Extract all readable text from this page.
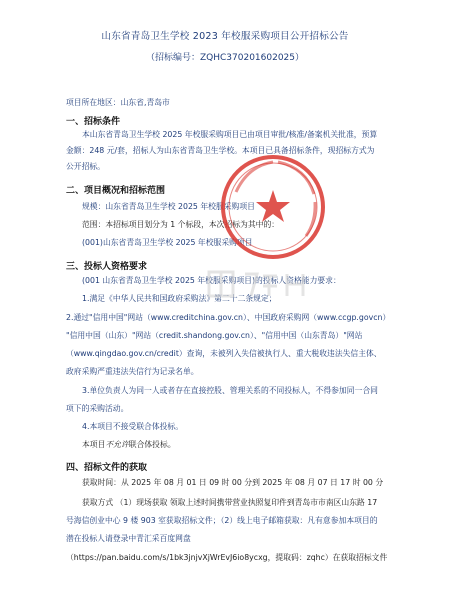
山东省青岛卫生学校 2023 年校服采购项目公开招标公告
（招标编号：ZQHC370201602025）
项目所在地区：山东省,青岛市
一、招标条件
本山东省青岛卫生学校 2025 年校服采购项目已由项目审批/核准/备案机关批准，预算
金额：248 元/套，招标人为山东省青岛卫生学校。本项目已具备招标条件，现招标方式为
公开招标。
二、项目概况和招标范围
规模：山东省青岛卫生学校 2025 年校服采购项目
范围：本招标项目划分为 1 个标段，本次招标为其中的：
(001)山东省青岛卫生学校 2025 年校服采购项目
三、投标人资格要求
(001 山东省青岛卫生学校 2025 年校服采购项目)的投标人资格能力要求：
1.满足《中华人民共和国政府采购法》第二十二条规定；
2.通过"信用中国"网站（www.creditchina.gov.cn）、中国政府采购网（www.ccgp.govcn）
"信用中国（山东）"网站（credit.shandong.gov.cn）、"信用中国（山东青岛）"网站
（www.qingdao.gov.cn/credit）查询，未被列入失信被执行人、重大税收违法失信主体、
政府采购严重违法失信行为记录名单。
3.单位负责人为同一人或者存在直接控股、管理关系的不同投标人，不得参加同一合同
项下的采购活动。
4.本项目不接受联合体投标。
本项目不允许联合体投标。
四、招标文件的获取
获取时间：从 2025 年 08 月 01 日 09 时 00 分到 2025 年 08 月 07 日 17 时 00 分
获取方式 （1）现场获取 领取上述时间携带营业执照复印件到青岛市市南区山东路 17
号海信创业中心 9 楼 903 室获取招标文件；（2）线上电子邮箱获取：凡有意参加本项目的
潜在投标人请登录中青汇采百度网盘
（https://pan.baidu.com/s/1bk3jnjvXjWrEvJ6io8ycxg，提取码：zqhc）在获取招标文件
